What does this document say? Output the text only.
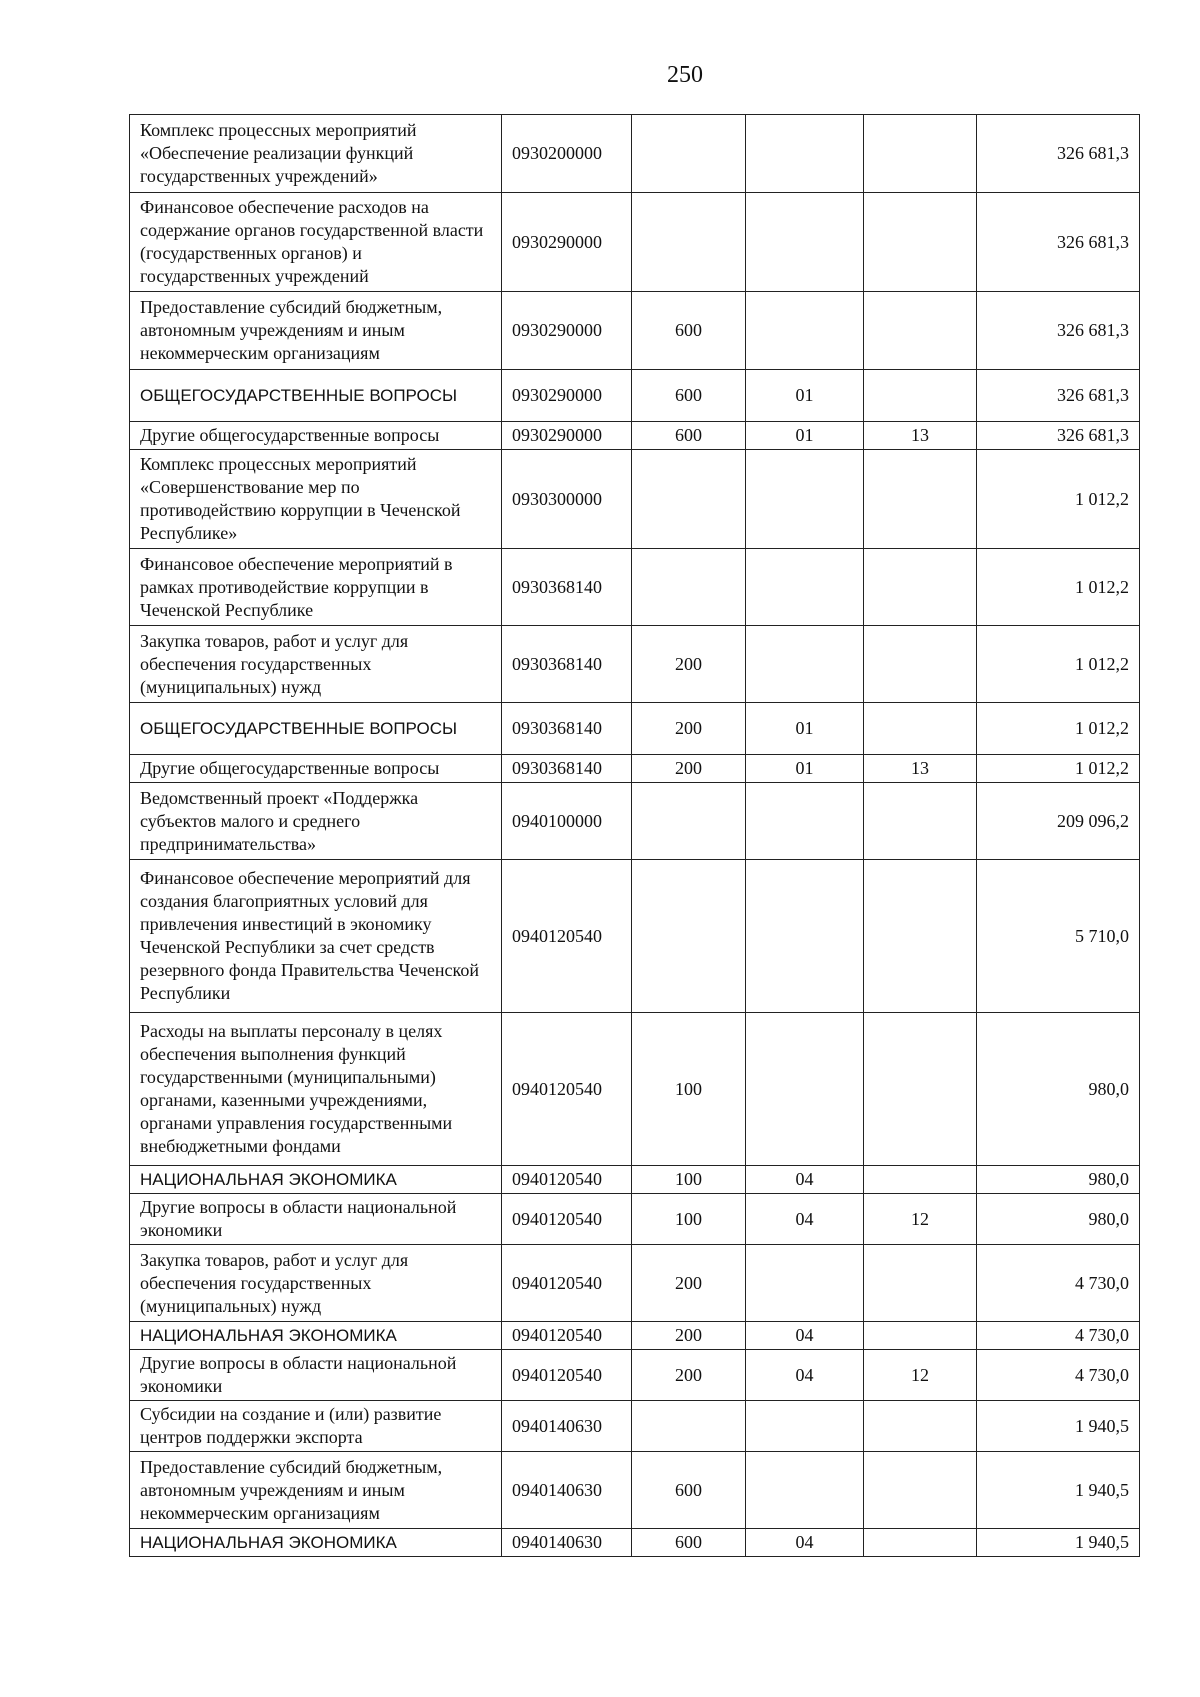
250
Комплекс процессных мероприятий «Обеспечение реализации функций государственных учреждений»	0930200000				326 681,3
Финансовое обеспечение расходов на содержание органов государственной власти (государственных органов) и государственных учреждений	0930290000				326 681,3
Предоставление субсидий бюджетным, автономным учреждениям и иным некоммерческим организациям	0930290000	600			326 681,3
ОБЩЕГОСУДАРСТВЕННЫЕ ВОПРОСЫ	0930290000	600	01		326 681,3
Другие общегосударственные вопросы	0930290000	600	01	13	326 681,3
Комплекс процессных мероприятий «Совершенствование мер по противодействию коррупции в Чеченской Республике»	0930300000				1 012,2
Финансовое обеспечение мероприятий в рамках противодействие коррупции в Чеченской Республике	0930368140				1 012,2
Закупка товаров, работ и услуг для обеспечения государственных (муниципальных) нужд	0930368140	200			1 012,2
ОБЩЕГОСУДАРСТВЕННЫЕ ВОПРОСЫ	0930368140	200	01		1 012,2
Другие общегосударственные вопросы	0930368140	200	01	13	1 012,2
Ведомственный проект «Поддержка субъектов малого и среднего предпринимательства»	0940100000				209 096,2
Финансовое обеспечение мероприятий для создания благоприятных условий для привлечения инвестиций в экономику Чеченской Республики за счет средств резервного фонда Правительства Чеченской Республики	0940120540				5 710,0
Расходы на выплаты персоналу в целях обеспечения выполнения функций государственными (муниципальными) органами, казенными учреждениями, органами управления государственными внебюджетными фондами	0940120540	100			980,0
НАЦИОНАЛЬНАЯ ЭКОНОМИКА	0940120540	100	04		980,0
Другие вопросы в области национальной экономики	0940120540	100	04	12	980,0
Закупка товаров, работ и услуг для обеспечения государственных (муниципальных) нужд	0940120540	200			4 730,0
НАЦИОНАЛЬНАЯ ЭКОНОМИКА	0940120540	200	04		4 730,0
Другие вопросы в области национальной экономики	0940120540	200	04	12	4 730,0
Субсидии на создание и (или) развитие центров поддержки экспорта	0940140630				1 940,5
Предоставление субсидий бюджетным, автономным учреждениям и иным некоммерческим организациям	0940140630	600			1 940,5
НАЦИОНАЛЬНАЯ ЭКОНОМИКА	0940140630	600	04		1 940,5
